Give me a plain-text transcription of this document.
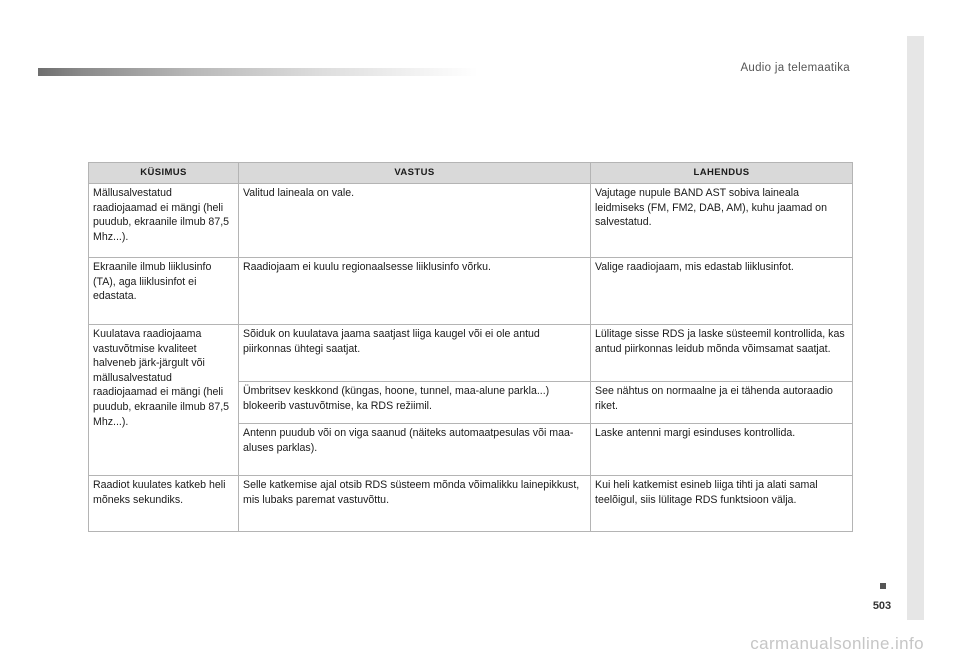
Audio ja telemaatika
KÜSIMUS	VASTUS	LAHENDUS
Mällusalvestatud raadiojaamad ei mängi (heli puudub, ekraanile ilmub 87,5 Mhz...).	Valitud laineala on vale.	Vajutage nupule BAND AST sobiva laineala leidmiseks (FM, FM2, DAB, AM), kuhu jaamad on salvestatud.
Ekraanile ilmub liiklusinfo (TA), aga liiklusinfot ei edastata.	Raadiojaam ei kuulu regionaalsesse liiklusinfo võrku.	Valige raadiojaam, mis edastab liiklusinfot.
Kuulatava raadiojaama vastuvõtmise kvaliteet halveneb järk-järgult või mällusalvestatud raadiojaamad ei mängi (heli puudub, ekraanile ilmub 87,5 Mhz...).	Sõiduk on kuulatava jaama saatjast liiga kaugel või ei ole antud piirkonnas ühtegi saatjat.	Lülitage sisse RDS ja laske süsteemil kontrollida, kas antud piirkonnas leidub mõnda võimsamat saatjat.
	Ümbritsev keskkond (küngas, hoone, tunnel, maa-alune parkla...) blokeerib vastuvõtmise, ka RDS režiimil.	See nähtus on normaalne ja ei tähenda autoraadio riket.
	Antenn puudub või on viga saanud (näiteks automaatpesulas või maa-aluses parklas).	Laske antenni margi esinduses kontrollida.
Raadiot kuulates katkeb heli mõneks sekundiks.	Selle katkemise ajal otsib RDS süsteem mõnda võimalikku lainepikkust, mis lubaks paremat vastuvõttu.	Kui heli katkemist esineb liiga tihti ja alati samal teelõigul, siis lülitage RDS funktsioon välja.
503
carmanualsonline.info
